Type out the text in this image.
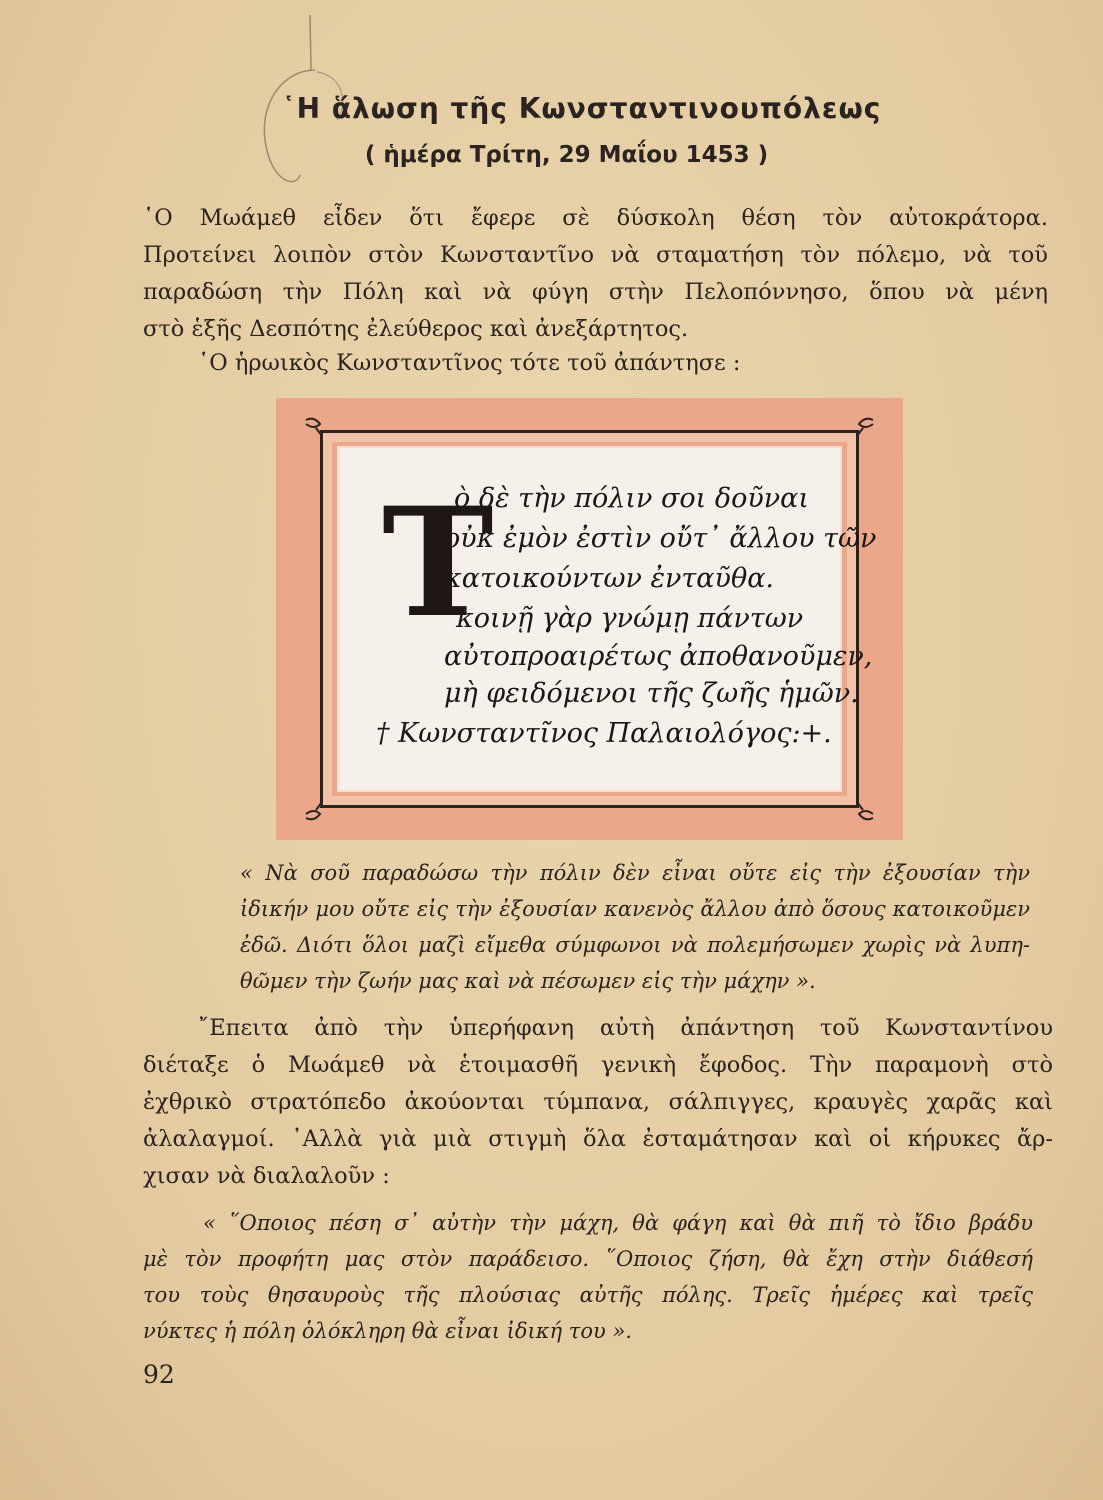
῾Η ἅλωση τῆς Κωνσταντινουπόλεως
( ἡμέρα Τρίτη, 29 Μαΐου 1453 )

῾Ο Μωάμεθ εἶδεν ὅτι ἔφερε σὲ δύσκολη θέση τὸν αὐτοκράτορα.
Προτείνει λοιπὸν στὸν Κωνσταντῖνο νὰ σταματήση τὸν πόλεμο, νὰ τοῦ
παραδώση τὴν Πόλη καὶ νὰ φύγη στὴν Πελοπόννησο, ὅπου νὰ μένη
στὸ ἑξῆς Δεσπότης ἐλεύθερος καὶ ἀνεξάρτητος.

῾Ο ἡρωικὸς Κωνσταντῖνος τότε τοῦ ἀπάντησε :

Τ
ὸ δὲ τὴν πόλιν σοι δοῦναι
οὐκ ἐμὸν ἐστὶν οὔτ᾽ ἄλλου τῶν
κατοικούντων ἐνταῦθα.
κοινῇ γὰρ γνώμῃ πάντων
αὐτοπροαιρέτως ἀποθανοῦμεν,
μὴ φειδόμενοι τῆς ζωῆς ἡμῶν.
† Κωνσταντῖνος Παλαιολόγος:+.

« Νὰ σοῦ παραδώσω τὴν πόλιν δὲν εἶναι οὔτε εἰς τὴν ἐξουσίαν τὴν
ἰδικήν μου οὔτε εἰς τὴν ἐξουσίαν κανενὸς ἄλλου ἀπὸ ὅσους κατοικοῦμεν
ἐδῶ. Διότι ὅλοι μαζὶ εἴμεθα σύμφωνοι νὰ πολεμήσωμεν χωρὶς νὰ λυπη-
θῶμεν τὴν ζωήν μας καὶ νὰ πέσωμεν εἰς τὴν μάχην ».

῎Επειτα ἀπὸ τὴν ὑπερήφανη αὐτὴ ἀπάντηση τοῦ Κωνσταντίνου
διέταξε ὁ Μωάμεθ νὰ ἑτοιμασθῆ γενικὴ ἔφοδος. Τὴν παραμονὴ στὸ
ἐχθρικὸ στρατόπεδο ἀκούονται τύμπανα, σάλπιγγες, κραυγὲς χαρᾶς καὶ
ἀλαλαγμοί. ᾿Αλλὰ γιὰ μιὰ στιγμὴ ὅλα ἐσταμάτησαν καὶ οἱ κήρυκες ἄρ-
χισαν νὰ διαλαλοῦν :

« ῞Οποιος πέση σ᾽ αὐτὴν τὴν μάχη, θὰ φάγη καὶ θὰ πιῆ τὸ ἴδιο βράδυ
μὲ τὸν προφήτη μας στὸν παράδεισο. ῞Οποιος ζήση, θὰ ἔχη στὴν διάθεσή
του τοὺς θησαυροὺς τῆς πλούσιας αὐτῆς πόλης. Τρεῖς ἡμέρες καὶ τρεῖς
νύκτες ἡ πόλη ὁλόκληρη θὰ εἶναι ἰδική του ».

92
